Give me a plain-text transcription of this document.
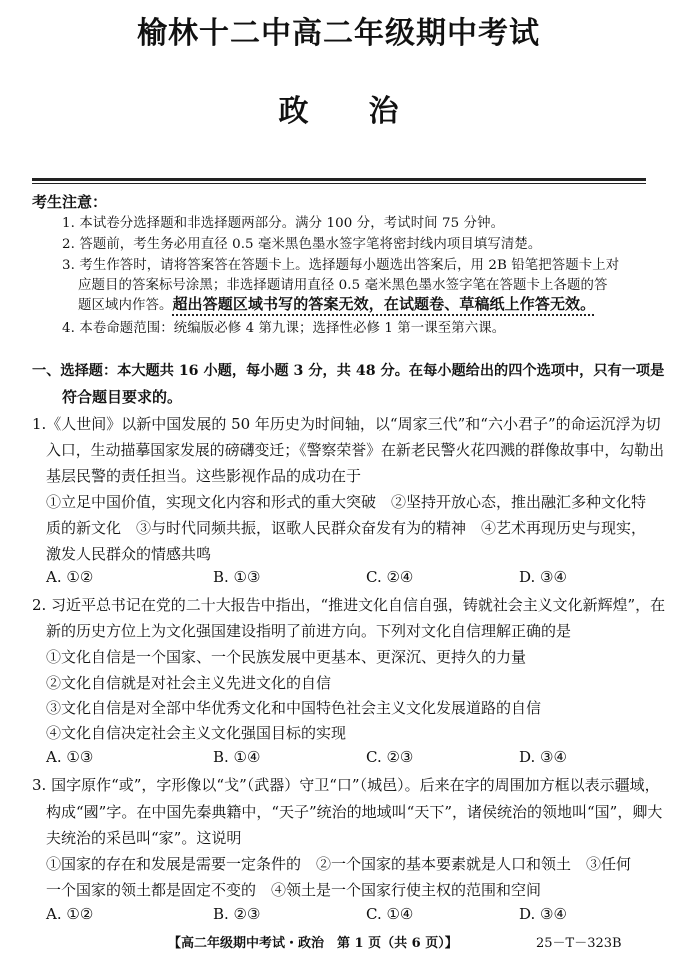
榆林十二中高二年级期中考试
政　　治
考生注意：
1. 本试卷分选择题和非选择题两部分。满分 100 分，考试时间 75 分钟。
2. 答题前，考生务必用直径 0.5 毫米黑色墨水签字笔将密封线内项目填写清楚。
3. 考生作答时，请将答案答在答题卡上。选择题每小题选出答案后，用 2B 铅笔把答题卡上对
应题目的答案标号涂黑；非选择题请用直径 0.5 毫米黑色墨水签字笔在答题卡上各题的答
题区域内作答。超出答题区域书写的答案无效，在试题卷、草稿纸上作答无效。
4. 本卷命题范围：统编版必修 4 第九课；选择性必修 1 第一课至第六课。
一、选择题：本大题共 16 小题，每小题 3 分，共 48 分。在每小题给出的四个选项中，只有一项是
符合题目要求的。
1.《人世间》以新中国发展的 50 年历史为时间轴，以“周家三代”和“六小君子”的命运沉浮为切
入口，生动描摹国家发展的磅礴变迁；《警察荣誉》在新老民警火花四溅的群像故事中，勾勒出
基层民警的责任担当。这些影视作品的成功在于
①立足中国价值，实现文化内容和形式的重大突破　②坚持开放心态，推出融汇多种文化特
质的新文化　③与时代同频共振，讴歌人民群众奋发有为的精神　④艺术再现历史与现实，
激发人民群众的情感共鸣
A. ①②	B. ①③	C. ②④	D. ③④
2. 习近平总书记在党的二十大报告中指出，“推进文化自信自强，铸就社会主义文化新辉煌”，在
新的历史方位上为文化强国建设指明了前进方向。下列对文化自信理解正确的是
①文化自信是一个国家、一个民族发展中更基本、更深沉、更持久的力量
②文化自信就是对社会主义先进文化的自信
③文化自信是对全部中华优秀文化和中国特色社会主义文化发展道路的自信
④文化自信决定社会主义文化强国目标的实现
A. ①③	B. ①④	C. ②③	D. ③④
3. 国字原作“或”，字形像以“戈”（武器）守卫“口”（城邑）。后来在字的周围加方框以表示疆域，
构成“國”字。在中国先秦典籍中，“天子”统治的地域叫“天下”，诸侯统治的领地叫“国”，卿大
夫统治的采邑叫“家”。这说明
①国家的存在和发展是需要一定条件的　②一个国家的基本要素就是人口和领土　③任何
一个国家的领土都是固定不变的　④领土是一个国家行使主权的范围和空间
A. ①②	B. ②③	C. ①④	D. ③④
【高二年级期中考试・政治　第 1 页（共 6 页）】	25－T－323B
